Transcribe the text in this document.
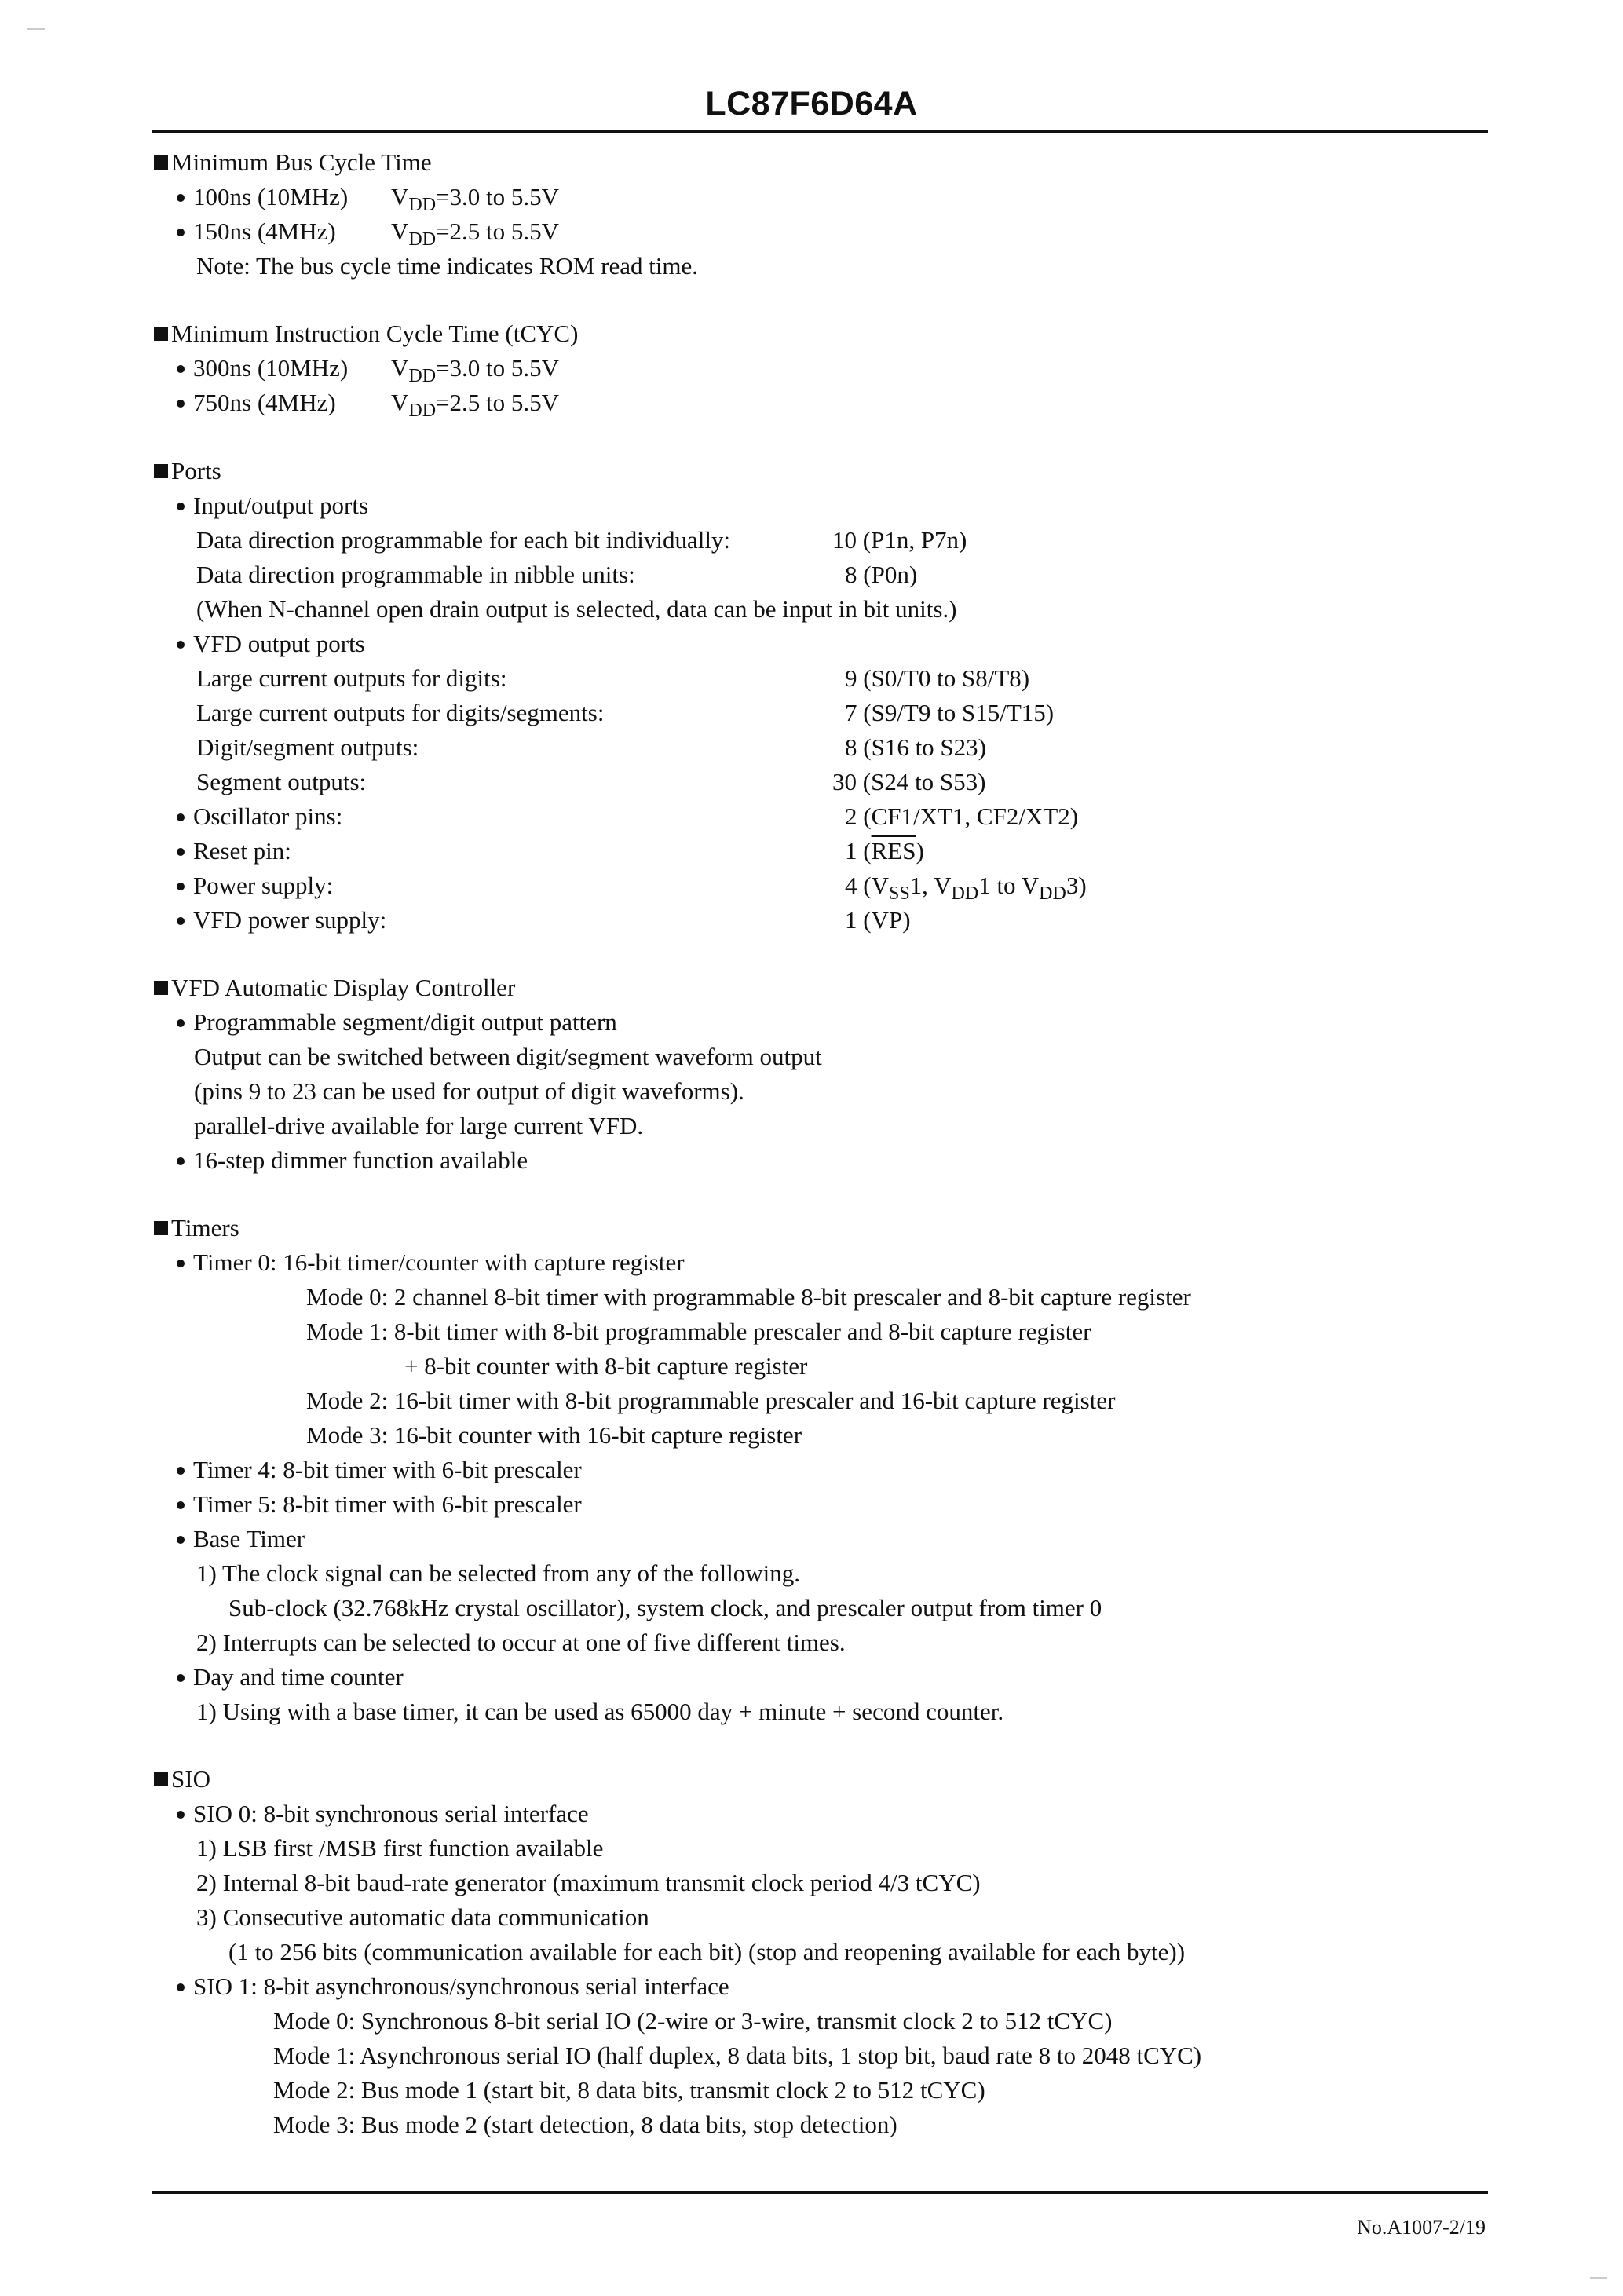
LC87F6D64A
Minimum Bus Cycle Time
100ns (10MHz) $V_{DD}=3.0$ to 5.5V
150ns (4MHz) $V_{DD}=2.5$ to 5.5V
Note: The bus cycle time indicates ROM read time.
Minimum Instruction Cycle Time (tCYC)
300ns (10MHz) $V_{DD}=3.0$ to 5.5V
750ns (4MHz) $V_{DD}=2.5$ to 5.5V
Ports
Input/output ports
Data direction programmable for each bit individually:	10 (P1n, P7n)
Data direction programmable in nibble units:	8 (P0n)
(When N-channel open drain output is selected, data can be input in bit units.)
VFD output ports
Large current outputs for digits:	9 (S0/T0 to S8/T8)
Large current outputs for digits/segments:	7 (S9/T9 to S15/T15)
Digit/segment outputs:	8 (S16 to S23)
Segment outputs:	30 (S24 to S53)
Oscillator pins:	2 (CF1/XT1, CF2/XT2)
Reset pin:	1 $(\overline{RES})$
Power supply:	4 ($V_{SS}1$, $V_{DD}1$ to $V_{DD}3$)
VFD power supply:	1 (VP)
VFD Automatic Display Controller
Programmable segment/digit output pattern
Output can be switched between digit/segment waveform output
(pins 9 to 23 can be used for output of digit waveforms).
parallel-drive available for large current VFD.
16-step dimmer function available
Timers
Timer 0: 16-bit timer/counter with capture register
Mode 0: 2 channel 8-bit timer with programmable 8-bit prescaler and 8-bit capture register
Mode 1: 8-bit timer with 8-bit programmable prescaler and 8-bit capture register
+ 8-bit counter with 8-bit capture register
Mode 2: 16-bit timer with 8-bit programmable prescaler and 16-bit capture register
Mode 3: 16-bit counter with 16-bit capture register
Timer 4: 8-bit timer with 6-bit prescaler
Timer 5: 8-bit timer with 6-bit prescaler
Base Timer
1) The clock signal can be selected from any of the following.
Sub-clock (32.768kHz crystal oscillator), system clock, and prescaler output from timer 0
2) Interrupts can be selected to occur at one of five different times.
Day and time counter
1) Using with a base timer, it can be used as 65000 day + minute + second counter.
SIO
SIO 0: 8-bit synchronous serial interface
1) LSB first /MSB first function available
2) Internal 8-bit baud-rate generator (maximum transmit clock period 4/3 tCYC)
3) Consecutive automatic data communication
(1 to 256 bits (communication available for each bit) (stop and reopening available for each byte))
SIO 1: 8-bit asynchronous/synchronous serial interface
Mode 0: Synchronous 8-bit serial IO (2-wire or 3-wire, transmit clock 2 to 512 tCYC)
Mode 1: Asynchronous serial IO (half duplex, 8 data bits, 1 stop bit, baud rate 8 to 2048 tCYC)
Mode 2: Bus mode 1 (start bit, 8 data bits, transmit clock 2 to 512 tCYC)
Mode 3: Bus mode 2 (start detection, 8 data bits, stop detection)
No.A1007-2/19
